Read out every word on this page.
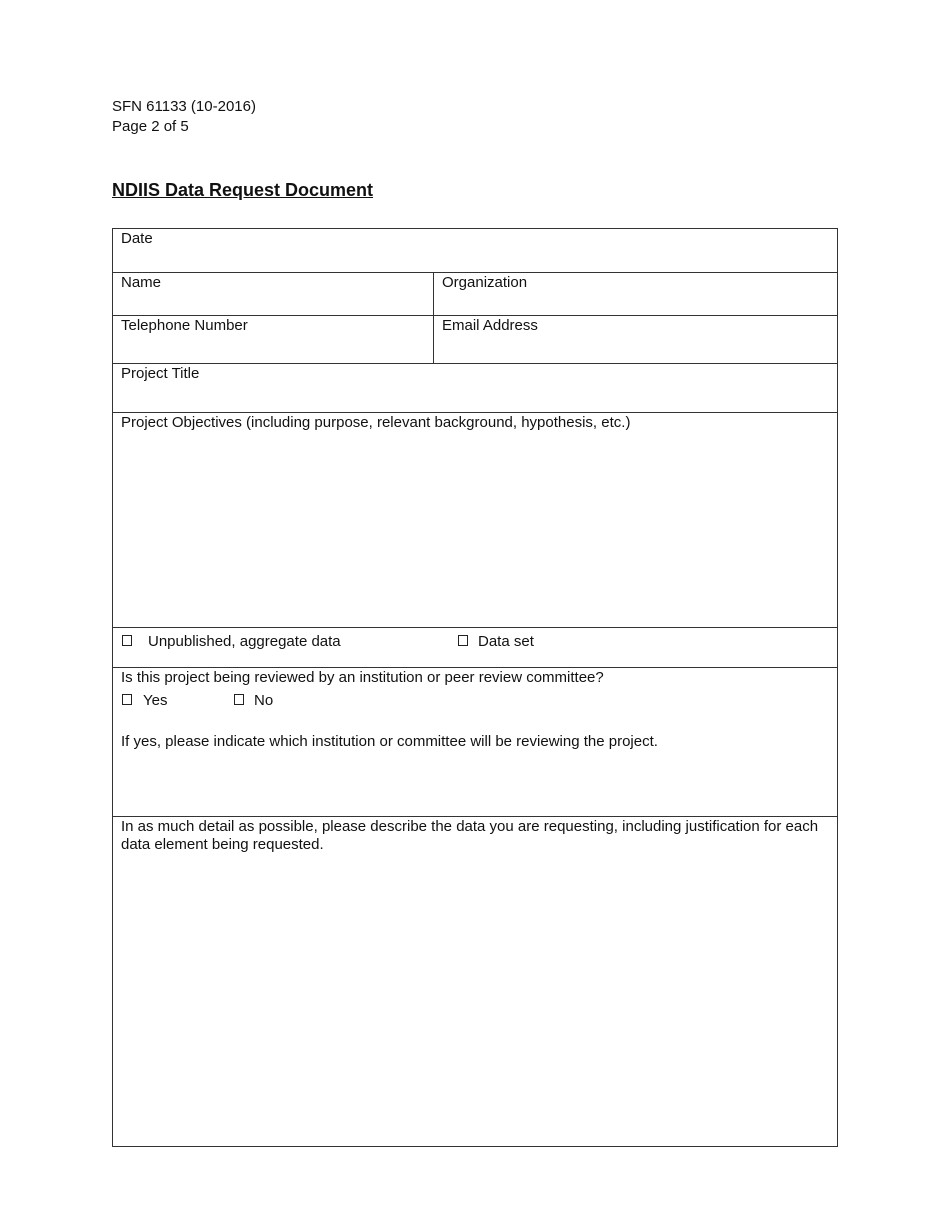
SFN 61133 (10-2016)
Page 2 of 5
NDIIS Data Request Document
Date
Name	Organization
Telephone Number	Email Address
Project Title
Project Objectives (including purpose, relevant background, hypothesis, etc.)
Unpublished, aggregate data	Data set
Is this project being reviewed by an institution or peer review committee?
Yes	No
If yes, please indicate which institution or committee will be reviewing the project.
In as much detail as possible, please describe the data you are requesting, including justification for each data element being requested.
